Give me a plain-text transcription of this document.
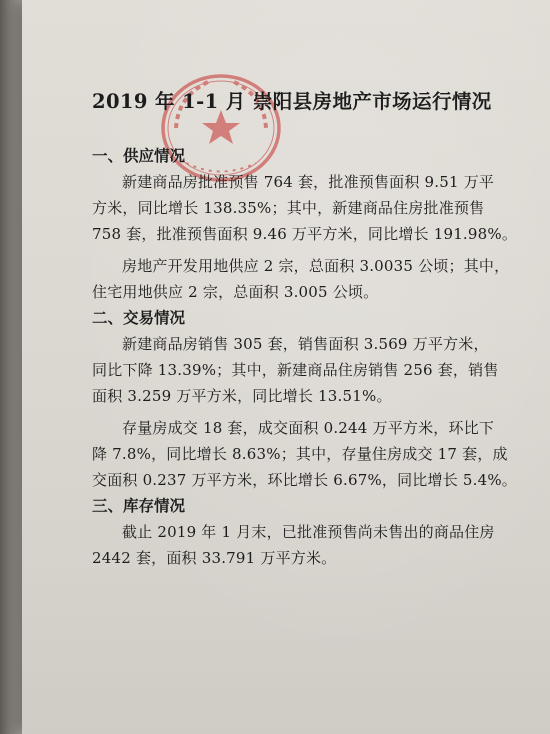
2019 年 1-1 月 崇阳县房地产市场运行情况
一、供应情况

新建商品房批准预售 764 套，批准预售面积 9.51 万平
方米，同比增长 138.35%；其中，新建商品住房批准预售
758 套，批准预售面积 9.46 万平方米，同比增长 191.98%。

房地产开发用地供应 2 宗，总面积 3.0035 公顷；其中，
住宅用地供应 2 宗，总面积 3.005 公顷。

二、交易情况

新建商品房销售 305 套，销售面积 3.569 万平方米，
同比下降 13.39%；其中，新建商品住房销售 256 套，销售
面积 3.259 万平方米，同比增长 13.51%。

存量房成交 18 套，成交面积 0.244 万平方米，环比下
降 7.8%，同比增长 8.63%；其中，存量住房成交 17 套，成
交面积 0.237 万平方米，环比增长 6.67%，同比增长 5.4%。

三、库存情况

截止 2019 年 1 月末，已批准预售尚未售出的商品住房
2442 套，面积 33.791 万平方米。
